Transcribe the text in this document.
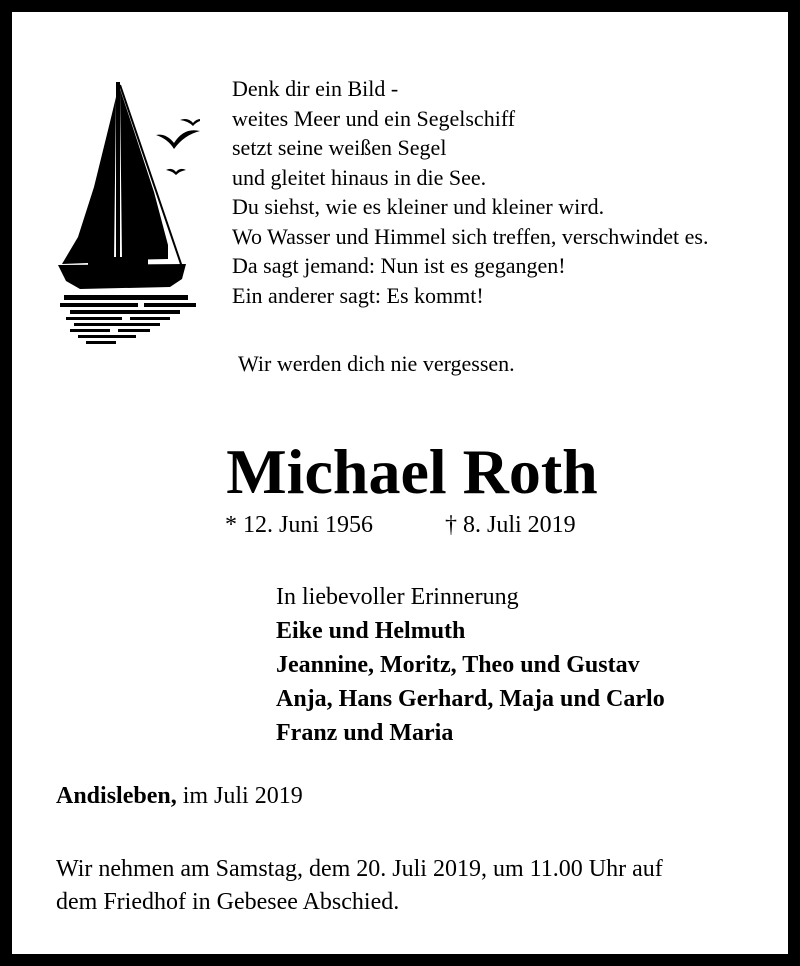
Denk dir ein Bild -
weites Meer und ein Segelschiff
setzt seine weißen Segel
und gleitet hinaus in die See.
Du siehst, wie es kleiner und kleiner wird.
Wo Wasser und Himmel sich treffen, verschwindet es.
Da sagt jemand: Nun ist es gegangen!
Ein anderer sagt: Es kommt!
Wir werden dich nie vergessen.
Michael Roth
* 12. Juni 1956	† 8. Juli 2019
In liebevoller Erinnerung
Eike und Helmuth
Jeannine, Moritz, Theo und Gustav
Anja, Hans Gerhard, Maja und Carlo
Franz und Maria
Andisleben, im Juli 2019
Wir nehmen am Samstag, dem 20. Juli 2019, um 11.00 Uhr auf
dem Friedhof in Gebesee Abschied.
